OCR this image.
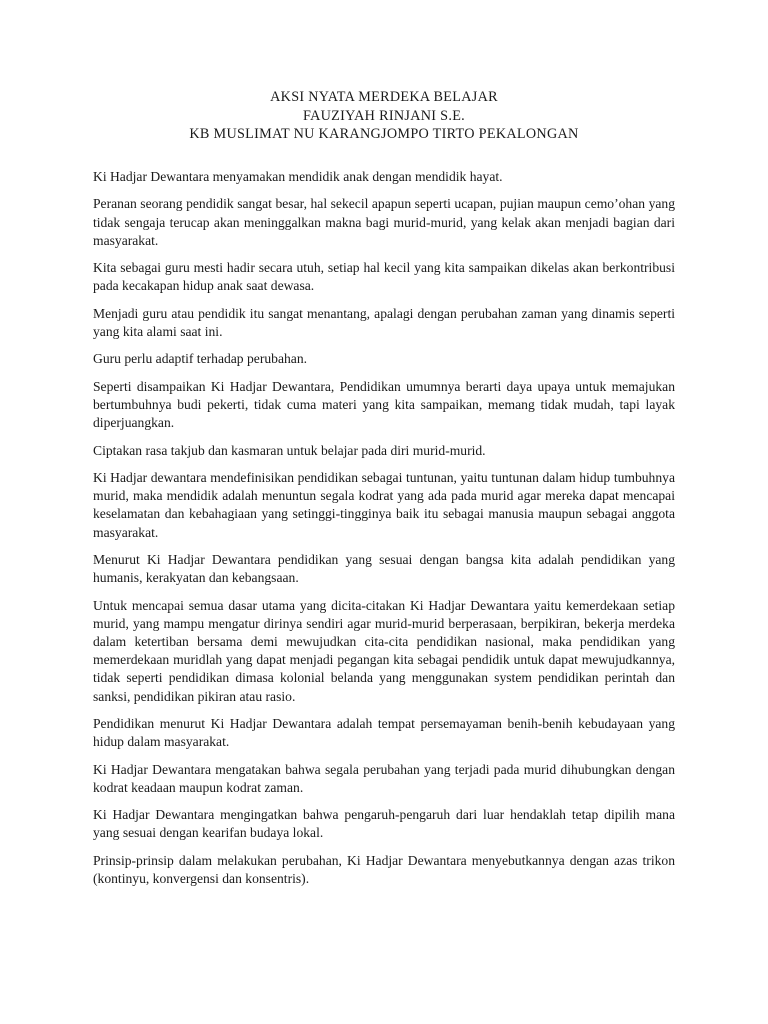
AKSI NYATA MERDEKA BELAJAR
FAUZIYAH RINJANI S.E.
KB MUSLIMAT NU KARANGJOMPO TIRTO PEKALONGAN

Ki Hadjar Dewantara menyamakan mendidik anak dengan mendidik hayat.

Peranan seorang pendidik sangat besar, hal sekecil apapun seperti ucapan, pujian maupun cemo’ohan yang tidak sengaja terucap akan meninggalkan makna bagi murid-murid, yang kelak akan menjadi bagian dari masyarakat.

Kita sebagai guru mesti hadir secara utuh, setiap hal kecil yang kita sampaikan dikelas akan berkontribusi pada kecakapan hidup anak saat dewasa.

Menjadi guru atau pendidik itu sangat menantang, apalagi dengan perubahan zaman yang dinamis seperti yang kita alami saat ini.

Guru perlu adaptif terhadap perubahan.

Seperti disampaikan Ki Hadjar Dewantara, Pendidikan umumnya berarti daya upaya untuk memajukan bertumbuhnya budi pekerti, tidak cuma materi yang kita sampaikan, memang tidak mudah, tapi layak diperjuangkan.

Ciptakan rasa takjub dan kasmaran untuk belajar pada diri murid-murid.

Ki Hadjar dewantara mendefinisikan pendidikan sebagai tuntunan, yaitu tuntunan dalam hidup tumbuhnya murid, maka mendidik adalah menuntun segala kodrat yang ada pada murid agar mereka dapat mencapai keselamatan dan kebahagiaan yang setinggi-tingginya baik itu sebagai manusia maupun sebagai anggota masyarakat.

Menurut Ki Hadjar Dewantara pendidikan yang sesuai dengan bangsa kita adalah pendidikan yang humanis, kerakyatan dan kebangsaan.

Untuk mencapai semua dasar utama yang dicita-citakan Ki Hadjar Dewantara yaitu kemerdekaan setiap murid, yang mampu mengatur dirinya sendiri agar murid-murid berperasaan, berpikiran, bekerja merdeka dalam ketertiban bersama demi mewujudkan cita-cita pendidikan nasional, maka pendidikan yang memerdekaan muridlah yang dapat menjadi pegangan kita sebagai pendidik untuk dapat mewujudkannya, tidak seperti pendidikan dimasa kolonial belanda yang menggunakan system pendidikan perintah dan sanksi, pendidikan pikiran atau rasio.

Pendidikan menurut Ki Hadjar Dewantara adalah tempat persemayaman benih-benih kebudayaan yang hidup dalam masyarakat.

Ki Hadjar Dewantara mengatakan bahwa segala perubahan yang terjadi pada murid dihubungkan dengan kodrat keadaan maupun kodrat zaman.

Ki Hadjar Dewantara mengingatkan bahwa pengaruh-pengaruh dari luar hendaklah tetap dipilih mana yang sesuai dengan kearifan budaya lokal.

Prinsip-prinsip dalam melakukan perubahan, Ki Hadjar Dewantara menyebutkannya dengan azas trikon (kontinyu, konvergensi dan konsentris).
